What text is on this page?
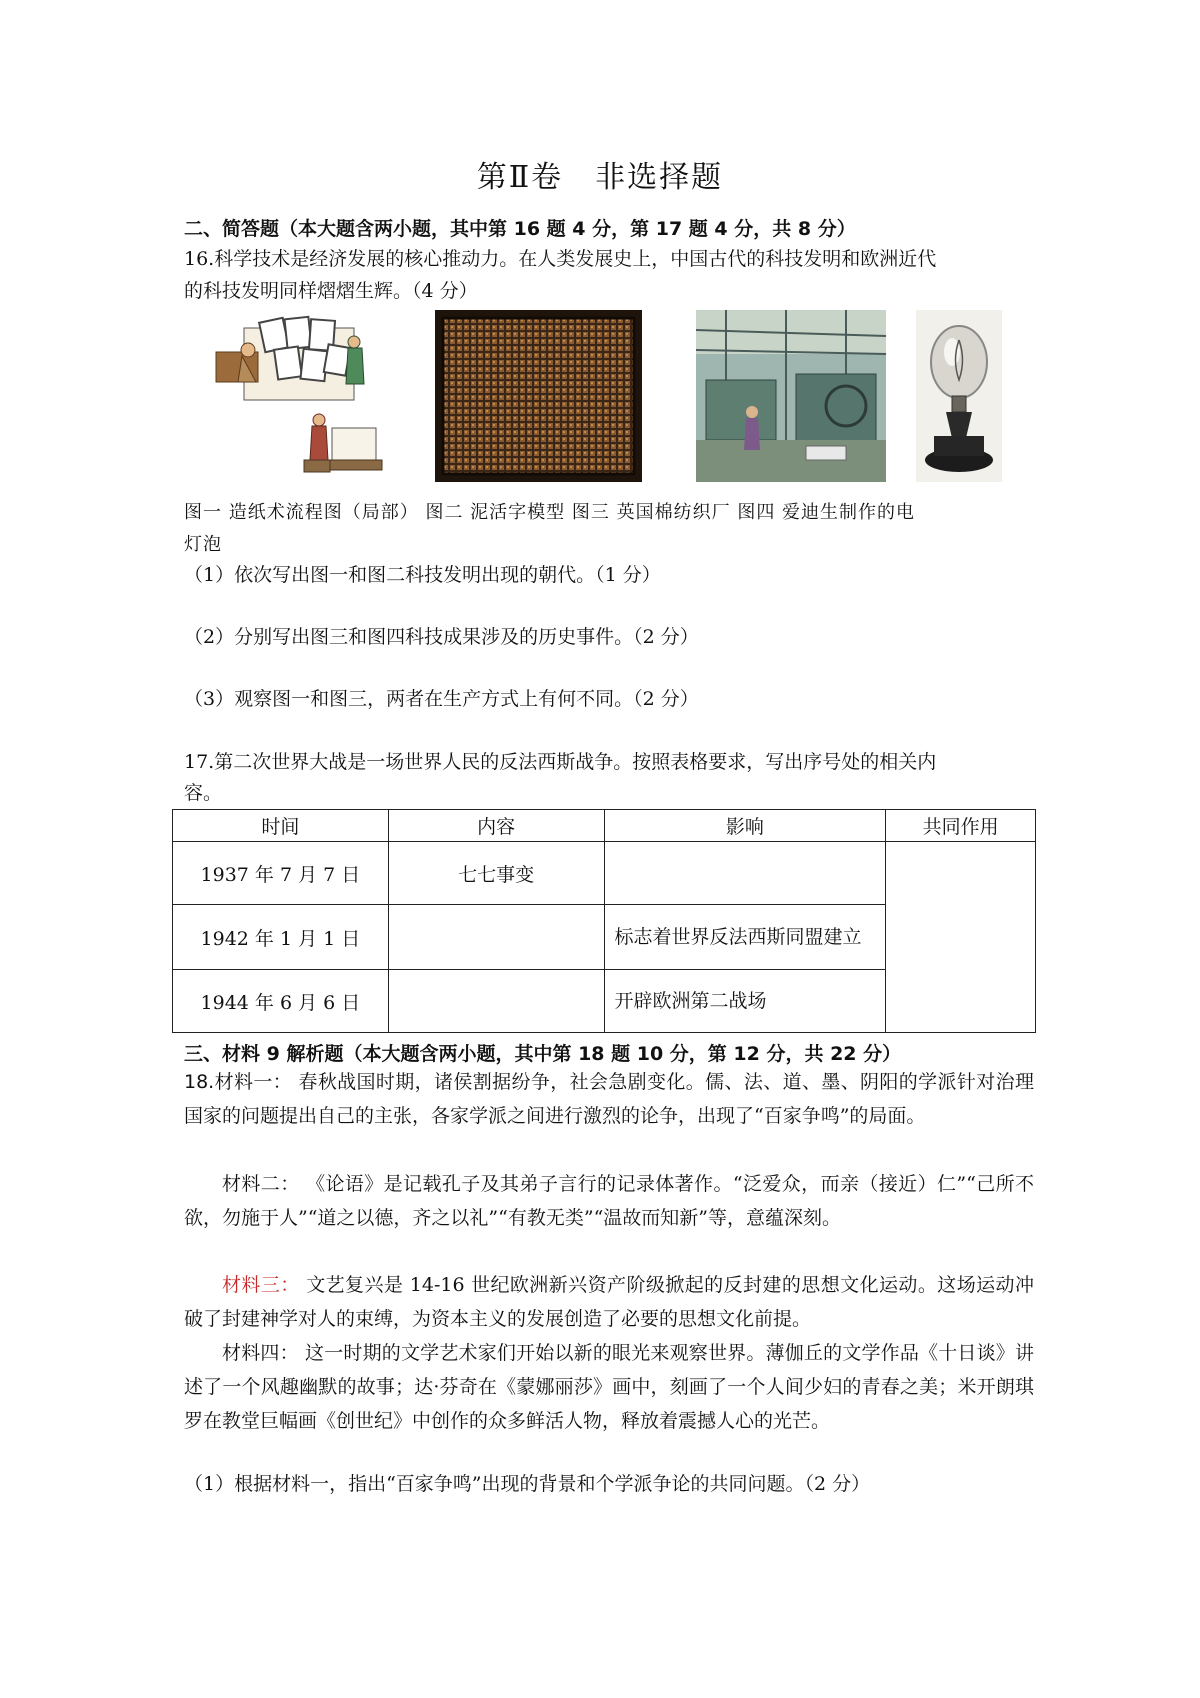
第Ⅱ卷　非选择题
二、简答题（本大题含两小题，其中第 16 题 4 分，第 17 题 4 分，共 8 分）
16.科学技术是经济发展的核心推动力。在人类发展史上，中国古代的科技发明和欧洲近代
的科技发明同样熠熠生辉。（4 分）
图一 造纸术流程图（局部） 图二 泥活字模型 图三 英国棉纺织厂 图四 爱迪生制作的电
灯泡
（1）依次写出图一和图二科技发明出现的朝代。（1 分）
（2）分别写出图三和图四科技成果涉及的历史事件。（2 分）
（3）观察图一和图三，两者在生产方式上有何不同。（2 分）
17.第二次世界大战是一场世界人民的反法西斯战争。按照表格要求，写出序号处的相关内
容。
时间	内容	影响	共同作用
1937 年 7 月 7 日	七七事变		
1942 年 1 月 1 日		标志着世界反法西斯同盟建立	
1944 年 6 月 6 日		开辟欧洲第二战场	
三、材料 9 解析题（本大题含两小题，其中第 18 题 10 分，第 12 分，共 22 分）
18.材料一： 春秋战国时期，诸侯割据纷争，社会急剧变化。儒、法、道、墨、阴阳的学派针对治理国家的问题提出自己的主张，各家学派之间进行激烈的论争，出现了“百家争鸣”的局面。
材料二： 《论语》是记载孔子及其弟子言行的记录体著作。“泛爱众，而亲（接近）仁”“己所不欲，勿施于人”“道之以德，齐之以礼”“有教无类”“温故而知新”等，意蕴深刻。
材料三： 文艺复兴是 14-16 世纪欧洲新兴资产阶级掀起的反封建的思想文化运动。这场运动冲破了封建神学对人的束缚，为资本主义的发展创造了必要的思想文化前提。
材料四： 这一时期的文学艺术家们开始以新的眼光来观察世界。薄伽丘的文学作品《十日谈》讲述了一个风趣幽默的故事；达·芬奇在《蒙娜丽莎》画中，刻画了一个人间少妇的青春之美；米开朗琪罗在教堂巨幅画《创世纪》中创作的众多鲜活人物，释放着震撼人心的光芒。
（1）根据材料一，指出“百家争鸣”出现的背景和个学派争论的共同问题。（2 分）
